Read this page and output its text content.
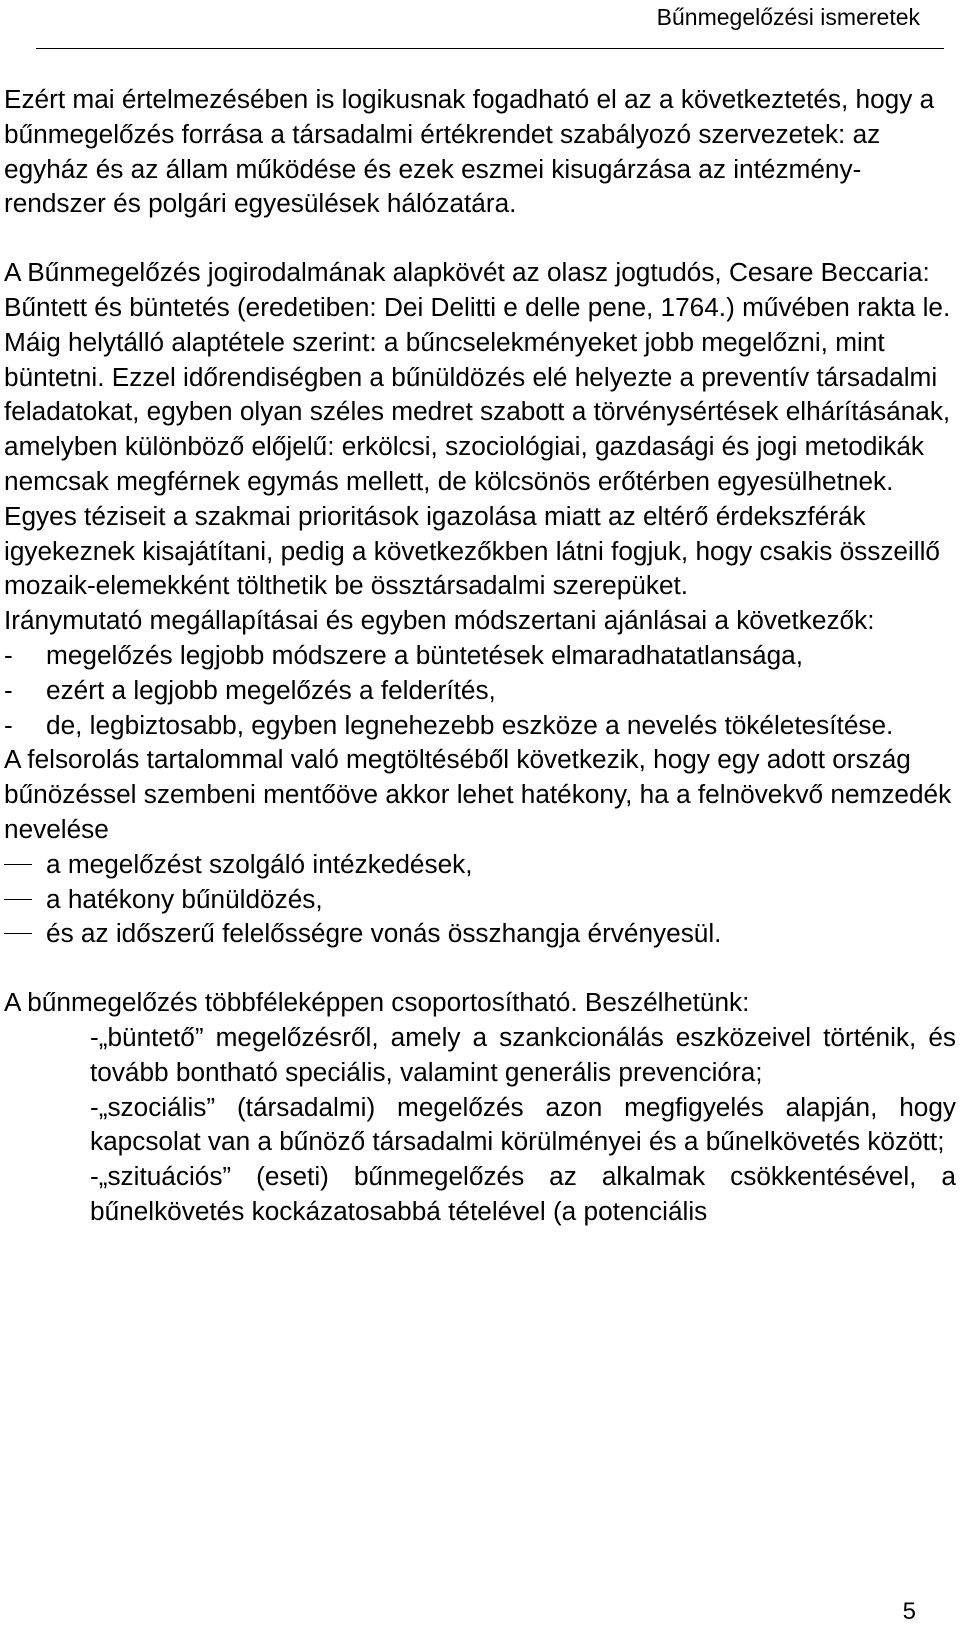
Bűnmegelőzési ismeretek

Ezért mai értelmezésében is logikusnak fogadható el az a következtetés, hogy a bűnmegelőzés forrása a társadalmi értékrendet szabályozó szervezetek: az egyház és az állam működése és ezek eszmei kisugárzása az intézmény-rendszer és polgári egyesülések hálózatára.

A Bűnmegelőzés jogirodalmának alapkövét az olasz jogtudós, Cesare Beccaria: Bűntett és büntetés (eredetiben: Dei Delitti e delle pene, 1764.) művében rakta le. Máig helytálló alaptétele szerint: a bűncselekményeket jobb megelőzni, mint büntetni. Ezzel időrendiségben a bűnüldözés elé helyezte a preventív társadalmi feladatokat, egyben olyan széles medret szabott a törvénysértések elhárításának, amelyben különböző előjelű: erkölcsi, szociológiai, gazdasági és jogi metodikák nemcsak megférnek egymás mellett, de kölcsönös erőtérben egyesülhetnek.

Egyes téziseit a szakmai prioritások igazolása miatt az eltérő érdekszférák igyekeznek kisajátítani, pedig a következőkben látni fogjuk, hogy csakis összeillő mozaik-elemekként tölthetik be össztársadalmi szerepüket.

Iránymutató megállapításai és egyben módszertani ajánlásai a következők:

-	megelőzés legjobb módszere a büntetések elmaradhatatlansága,
-	ezért a legjobb megelőzés a felderítés,
-	de, legbiztosabb, egyben legnehezebb eszköze a nevelés tökéletesítése.

A felsorolás tartalommal való megtöltéséből következik, hogy egy adott ország bűnözéssel szembeni mentőöve akkor lehet hatékony, ha a felnövekvő nemzedék nevelése

a megelőzést szolgáló intézkedések,
a hatékony bűnüldözés,
és az időszerű felelősségre vonás összhangja érvényesül.

A bűnmegelőzés többféleképpen csoportosítható. Beszélhetünk:

-„büntető” megelőzésről, amely a szankcionálás eszközeivel történik, és tovább bontható speciális, valamint generális prevencióra;
-„szociális” (társadalmi) megelőzés azon megfigyelés alapján, hogy kapcsolat van a bűnöző társadalmi körülményei és a bűnelkövetés között;
-„szituációs” (eseti) bűnmegelőzés az alkalmak csökkentésével, a bűnelkövetés kockázatosabbá tételével (a potenciális
5
